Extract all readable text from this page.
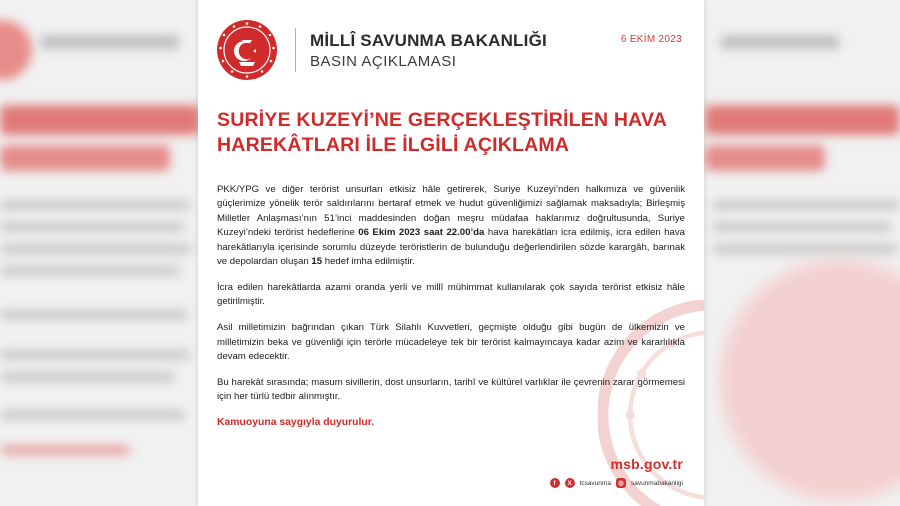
MİLLÎ SAVUNMA BAKANLIĞI
BASIN AÇIKLAMASI
6 EKİM 2023
SURİYE KUZEYİ’NE GERÇEKLEŞTİRİLEN HAVA HAREKÂTLARI İLE İLGİLİ AÇIKLAMA

PKK/YPG ve diğer terörist unsurları etkisiz hâle getirerek, Suriye Kuzeyi’nden halkımıza ve güvenlik güçlerimize yönelik terör saldırılarını bertaraf etmek ve hudut güvenliğimizi sağlamak maksadıyla; Birleşmiş Milletler Anlaşması’nın 51’inci maddesinden doğan meşru müdafaa haklarımız doğrultusunda, Suriye Kuzeyi’ndeki terörist hedeflerine 06 Ekim 2023 saat 22.00’da hava harekâtları icra edilmiş, icra edilen hava harekâtlarıyla içerisinde sorumlu düzeyde teröristlerin de bulunduğu değerlendirilen sözde karargâh, barınak ve depolardan oluşan 15 hedef imha edilmiştir.

İcra edilen harekâtlarda azami oranda yerli ve millî mühimmat kullanılarak çok sayıda terörist etkisiz hâle getirilmiştir.

Asil milletimizin bağrından çıkan Türk Silahlı Kuvvetleri, geçmişte olduğu gibi bugün de ülkemizin ve milletimizin beka ve güvenliği için terörle mücadeleye tek bir terörist kalmayıncaya kadar azim ve kararlılıkla devam edecektir.

Bu harekât sırasında; masum sivillerin, dost unsurların, tarihî ve kültürel varlıklar ile çevrenin zarar görmemesi için her türlü tedbir alınmıştır.

Kamuoyuna saygıyla duyurulur.

msb.gov.tr
f	X	tcsavunma	◎	savunmabakanligi
